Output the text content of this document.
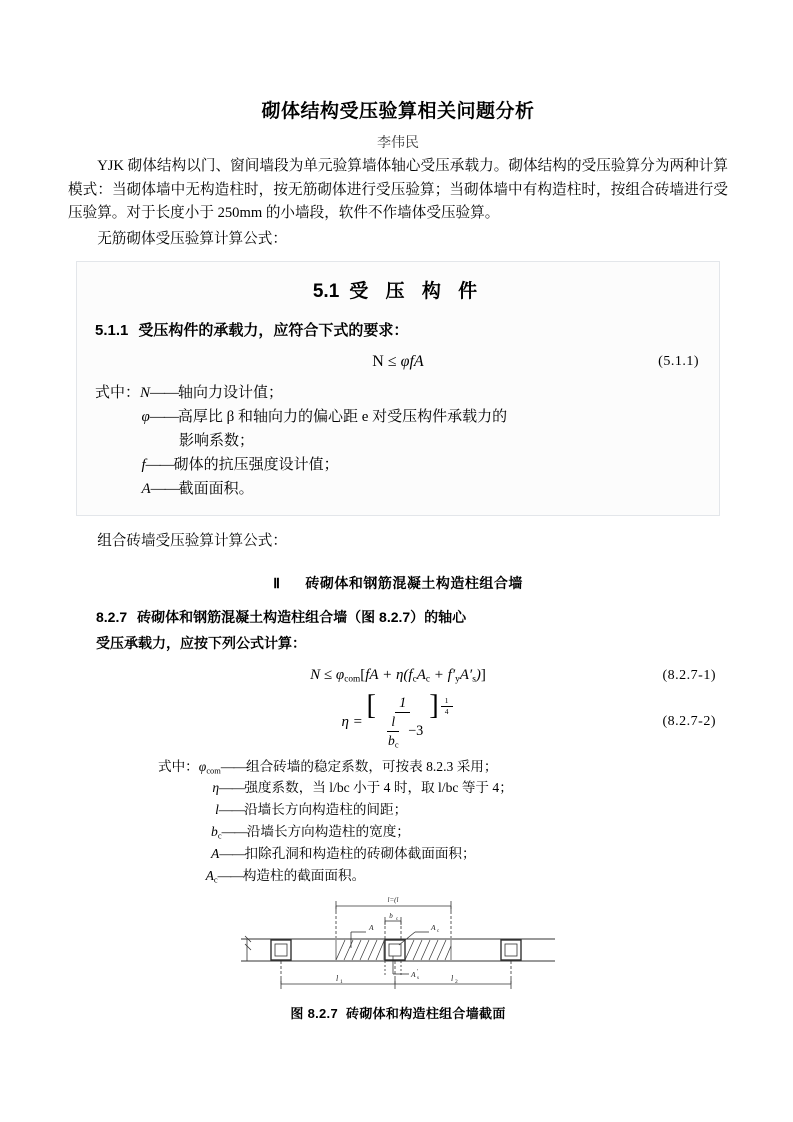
砌体结构受压验算相关问题分析
李伟民

YJK 砌体结构以门、窗间墙段为单元验算墙体轴心受压承载力。砌体结构的受压验算分为两种计算模式：当砌体墙中无构造柱时，按无筋砌体进行受压验算；当砌体墙中有构造柱时，按组合砖墙进行受压验算。对于长度小于 250mm 的小墙段，软件不作墙体受压验算。

无筋砌体受压验算计算公式：

5.1 受 压 构 件
5.1.1 受压构件的承载力，应符合下式的要求：
N ≤ φfA	(5.1.1)
式中： N —— 轴向力设计值；
φ —— 高厚比 β 和轴向力的偏心距 e 对受压构件承载力的
影响系数；
f —— 砌体的抗压强度设计值；
A —— 截面面积。

组合砖墙受压验算计算公式：

Ⅱ 砖砌体和钢筋混凝土构造柱组合墙
8.2.7 砖砌体和钢筋混凝土构造柱组合墙（图 8.2.7）的轴心
受压承载力，应按下列公式计算：
$N \le \varphi_{com}[fA + \eta(f_cA_c + f'_yA'_s)]$	(8.2.7-1)
η =
[ $\frac{1}{\frac{l}{b_c} -3}$ ] $\frac{1}{4}$
(8.2.7-2)
式中： $\varphi_{com}$ —— 组合砖墙的稳定系数，可按表 8.2.3 采用；
η —— 强度系数，当 l/bc 小于 4 时，取 l/bc 等于 4；
l —— 沿墙长方向构造柱的间距；
$b_c$ —— 沿墙长方向构造柱的宽度；
A —— 扣除孔洞和构造柱的砖砌体截面面积；
$A_c$ —— 构造柱的截面面积。
l=(l
b c
A	A c
A s
′
l 1	l 2
图 8.2.7 砖砌体和构造柱组合墙截面
